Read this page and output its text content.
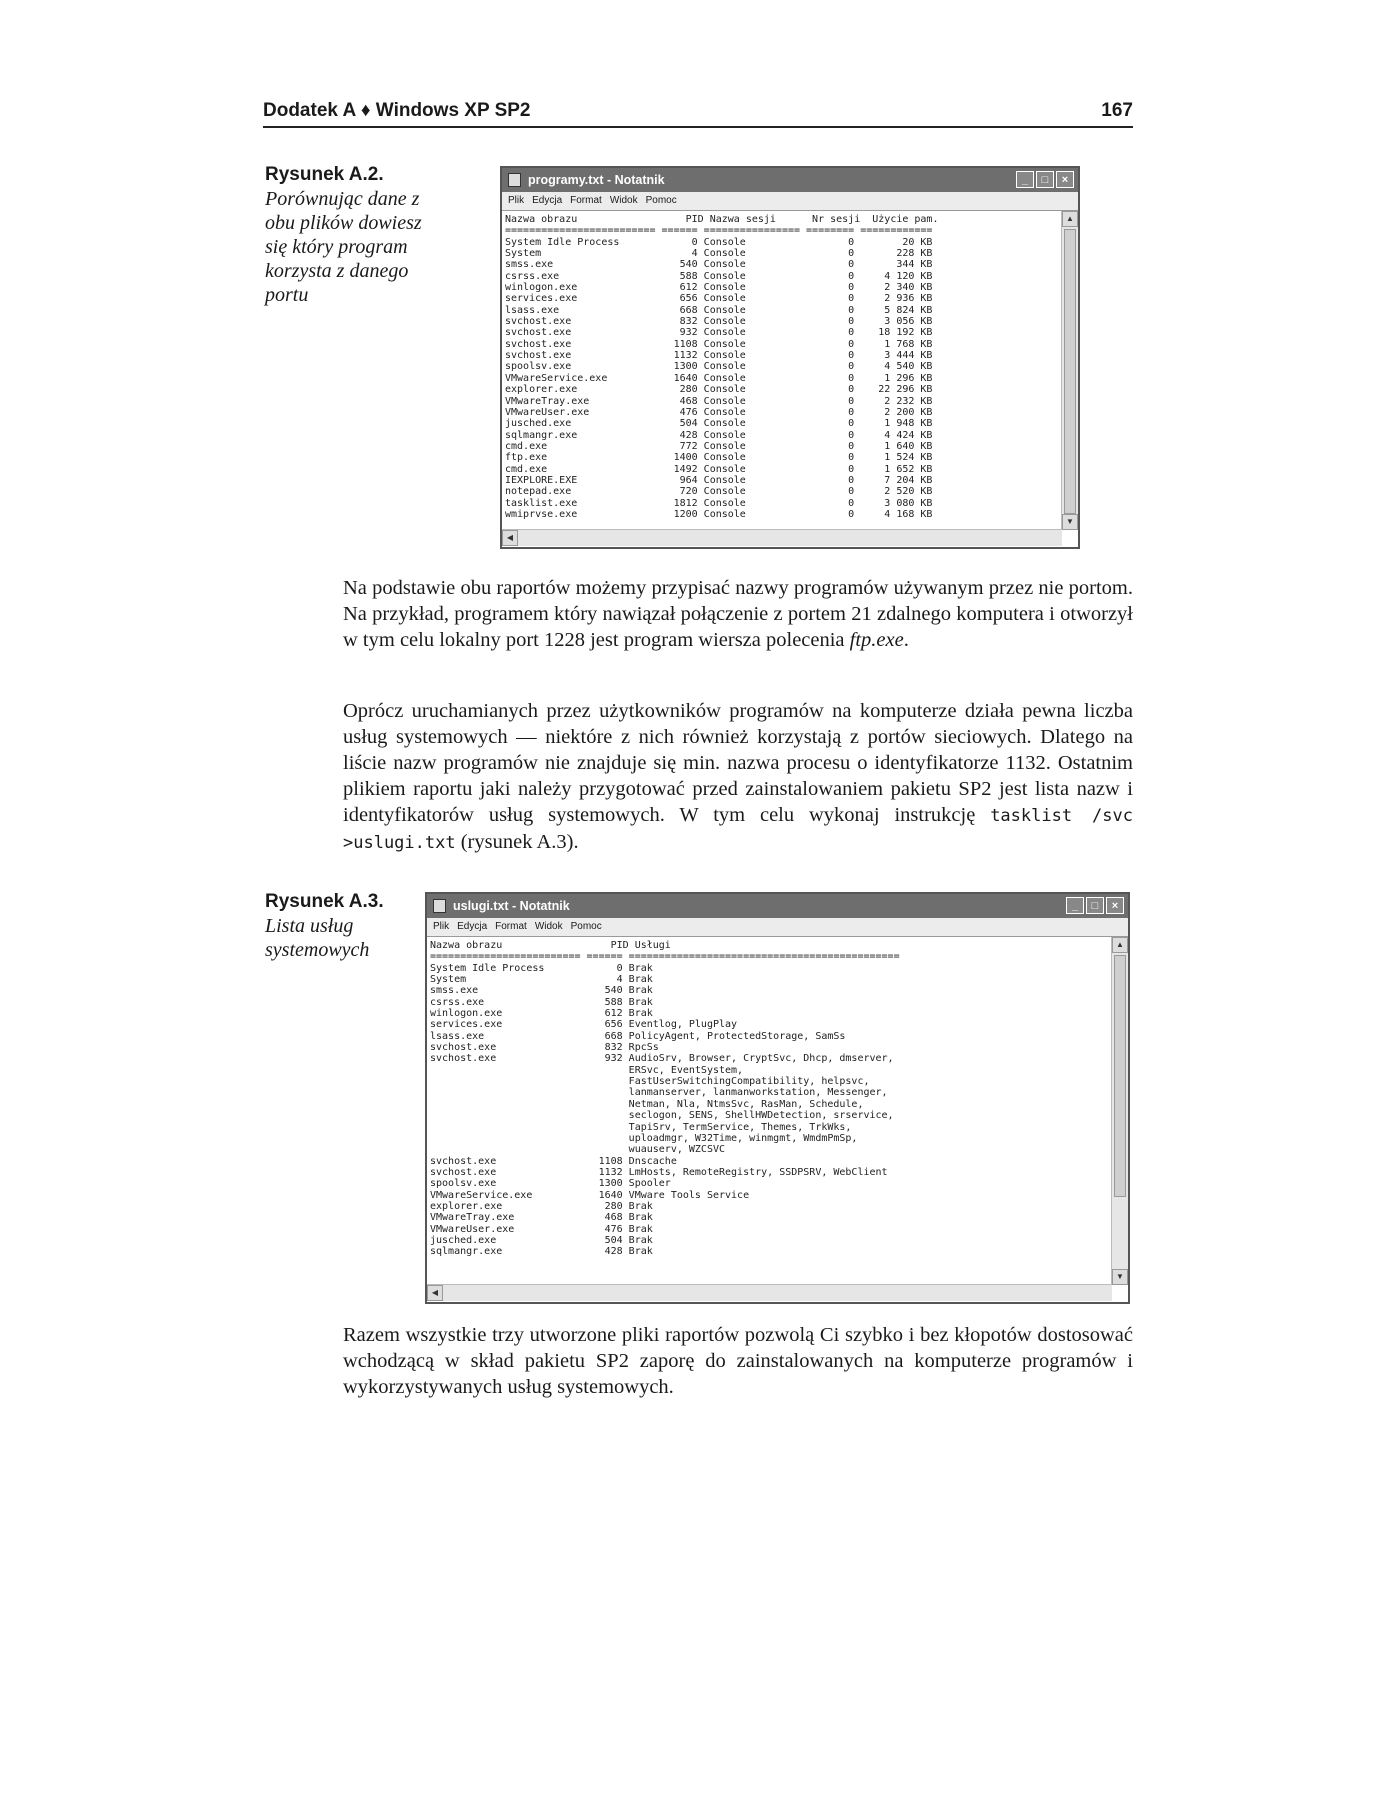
Dodatek A ♦ Windows XP SP2	167
Rysunek A.2.
Porównując dane z obu plików dowiesz się który program korzysta z danego portu
programy.txt - Notatnik	_ □ ×
Plik Edycja Format Widok Pomoc
Nazwa obrazu                  PID Nazwa sesji      Nr sesji  Użycie pam.
========================= ====== ================ ======== ============
System Idle Process            0 Console                 0        20 KB
System                         4 Console                 0       228 KB
smss.exe                     540 Console                 0       344 KB
csrss.exe                    588 Console                 0     4 120 KB
winlogon.exe                 612 Console                 0     2 340 KB
services.exe                 656 Console                 0     2 936 KB
lsass.exe                    668 Console                 0     5 824 KB
svchost.exe                  832 Console                 0     3 056 KB
svchost.exe                  932 Console                 0    18 192 KB
svchost.exe                 1108 Console                 0     1 768 KB
svchost.exe                 1132 Console                 0     3 444 KB
spoolsv.exe                 1300 Console                 0     4 540 KB
VMwareService.exe           1640 Console                 0     1 296 KB
explorer.exe                 280 Console                 0    22 296 KB
VMwareTray.exe               468 Console                 0     2 232 KB
VMwareUser.exe               476 Console                 0     2 200 KB
jusched.exe                  504 Console                 0     1 948 KB
sqlmangr.exe                 428 Console                 0     4 424 KB
cmd.exe                      772 Console                 0     1 640 KB
ftp.exe                     1400 Console                 0     1 524 KB
cmd.exe                     1492 Console                 0     1 652 KB
IEXPLORE.EXE                 964 Console                 0     7 204 KB
notepad.exe                  720 Console                 0     2 520 KB
tasklist.exe                1812 Console                 0     3 080 KB
wmiprvse.exe                1200 Console                 0     4 168 KB

▲
▼
◀

Na podstawie obu raportów możemy przypisać nazwy programów używanym przez nie portom. Na przykład, programem który nawiązał połączenie z portem 21 zdalnego komputera i otworzył w tym celu lokalny port 1228 jest program wiersza polecenia ftp.exe.

Oprócz uruchamianych przez użytkowników programów na komputerze działa pewna liczba usług systemowych — niektóre z nich również korzystają z portów sieciowych. Dlatego na liście nazw programów nie znajduje się min. nazwa procesu o identyfikatorze 1132. Ostatnim plikiem raportu jaki należy przygotować przed zainstalowaniem pakietu SP2 jest lista nazw i identyfikatorów usług systemowych. W tym celu wykonaj instrukcję tasklist /svc >uslugi.txt (rysunek A.3).

Rysunek A.3.
Lista usług systemowych
uslugi.txt - Notatnik	_ □ ×
Plik Edycja Format Widok Pomoc
Nazwa obrazu                  PID Usługi
========================= ====== =============================================
System Idle Process            0 Brak
System                         4 Brak
smss.exe                     540 Brak
csrss.exe                    588 Brak
winlogon.exe                 612 Brak
services.exe                 656 Eventlog, PlugPlay
lsass.exe                    668 PolicyAgent, ProtectedStorage, SamSs
svchost.exe                  832 RpcSs
svchost.exe                  932 AudioSrv, Browser, CryptSvc, Dhcp, dmserver,
ERSvc, EventSystem,
FastUserSwitchingCompatibility, helpsvc,
lanmanserver, lanmanworkstation, Messenger,
Netman, Nla, NtmsSvc, RasMan, Schedule,
seclogon, SENS, ShellHWDetection, srservice,
TapiSrv, TermService, Themes, TrkWks,
uploadmgr, W32Time, winmgmt, WmdmPmSp,
wuauserv, WZCSVC
svchost.exe                 1108 Dnscache
svchost.exe                 1132 LmHosts, RemoteRegistry, SSDPSRV, WebClient
spoolsv.exe                 1300 Spooler
VMwareService.exe           1640 VMware Tools Service
explorer.exe                 280 Brak
VMwareTray.exe               468 Brak
VMwareUser.exe               476 Brak
jusched.exe                  504 Brak
sqlmangr.exe                 428 Brak

▲
▼
◀

Razem wszystkie trzy utworzone pliki raportów pozwolą Ci szybko i bez kłopotów dostosować wchodzącą w skład pakietu SP2 zaporę do zainstalowanych na komputerze programów i wykorzystywanych usług systemowych.
